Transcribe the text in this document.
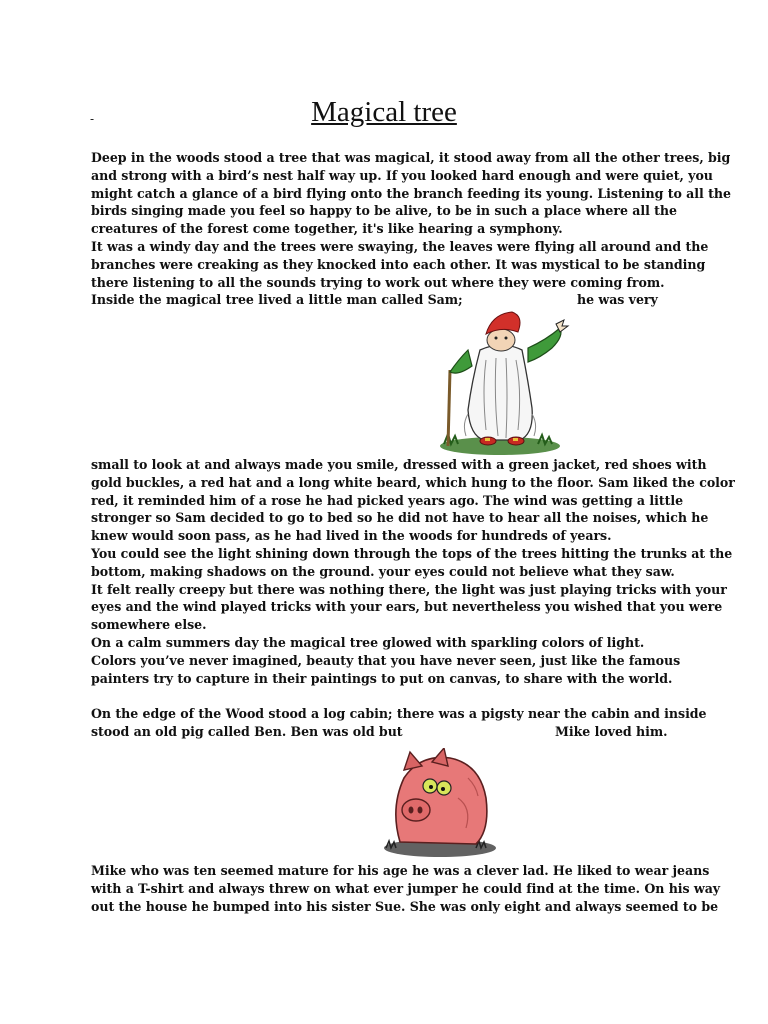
-	Magical tree
Deep in the woods stood a tree that was magical, it stood away from all the other trees, big
and strong with a bird’s nest half way up. If you looked hard enough and were quiet, you
might catch a glance of a bird flying onto the branch feeding its young. Listening to all the
birds singing made you feel so happy to be alive, to be in such a place where all the
creatures of the forest come together, it's like hearing a symphony.
It was a windy day and the trees were swaying, the leaves were flying all around and the
branches were creaking as they knocked into each other. It was mystical to be standing
there listening to all the sounds trying to work out where they were coming from.
Inside the magical tree lived a little man called Sam;	he was very
small to look at and always made you smile, dressed with a green jacket, red shoes with
gold buckles, a red hat and a long white beard, which hung to the floor. Sam liked the color
red, it reminded him of a rose he had picked years ago. The wind was getting a little
stronger so Sam decided to go to bed so he did not have to hear all the noises, which he
knew would soon pass, as he had lived in the woods for hundreds of years.
You could see the light shining down through the tops of the trees hitting the trunks at the
bottom, making shadows on the ground. your eyes could not believe what they saw.
It felt really creepy but there was nothing there, the light was just playing tricks with your
eyes and the wind played tricks with your ears, but nevertheless you wished that you were
somewhere else.
On a calm summers day the magical tree glowed with sparkling colors of light.
Colors you’ve never imagined, beauty that you have never seen, just like the famous
painters try to capture in their paintings to put on canvas, to share with the world.
On the edge of the Wood stood a log cabin; there was a pigsty near the cabin and inside
stood an old pig called Ben. Ben was old but	Mike loved him.
Mike who was ten seemed mature for his age he was a clever lad. He liked to wear jeans
with a T-shirt and always threw on what ever jumper he could find at the time. On his way
out the house he bumped into his sister Sue. She was only eight and always seemed to be
